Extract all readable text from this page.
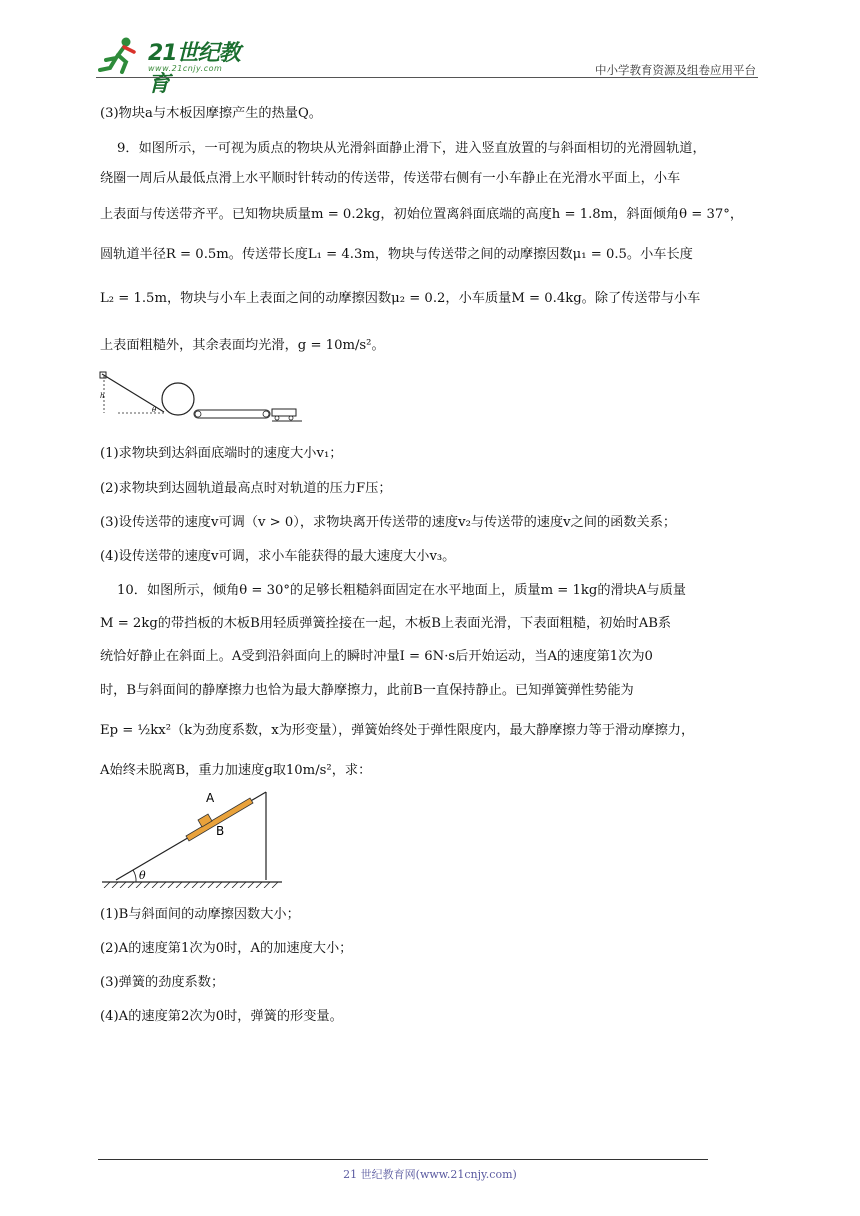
21世纪教育
www.21cnjy.com	中小学教育资源及组卷应用平台
(3)物块a与木板因摩擦产生的热量Q。
9．如图所示，一可视为质点的物块从光滑斜面静止滑下，进入竖直放置的与斜面相切的光滑圆轨道，
绕圈一周后从最低点滑上水平顺时针转动的传送带，传送带右侧有一小车静止在光滑水平面上，小车
上表面与传送带齐平。已知物块质量m = 0.2kg，初始位置离斜面底端的高度h = 1.8m，斜面倾角θ = 37°，
圆轨道半径R = 0.5m。传送带长度L₁ = 4.3m，物块与传送带之间的动摩擦因数μ₁ = 0.5。小车长度
L₂ = 1.5m，物块与小车上表面之间的动摩擦因数μ₂ = 0.2，小车质量M = 0.4kg。除了传送带与小车
上表面粗糙外，其余表面均光滑，g = 10m/s²。
h
θ
(1)求物块到达斜面底端时的速度大小v₁；
(2)求物块到达圆轨道最高点时对轨道的压力F压；
(3)设传送带的速度v可调（v > 0），求物块离开传送带的速度v₂与传送带的速度v之间的函数关系；
(4)设传送带的速度v可调，求小车能获得的最大速度大小v₃。
10．如图所示，倾角θ = 30°的足够长粗糙斜面固定在水平地面上，质量m = 1kg的滑块A与质量
M = 2kg的带挡板的木板B用轻质弹簧拴接在一起，木板B上表面光滑，下表面粗糙，初始时AB系
统恰好静止在斜面上。A受到沿斜面向上的瞬时冲量I = 6N·s后开始运动，当A的速度第1次为0
时，B与斜面间的静摩擦力也恰为最大静摩擦力，此前B一直保持静止。已知弹簧弹性势能为
Ep = ½kx²（k为劲度系数，x为形变量），弹簧始终处于弹性限度内，最大静摩擦力等于滑动摩擦力，
A始终未脱离B，重力加速度g取10m/s²，求：
θ
A
B
(1)B与斜面间的动摩擦因数大小；
(2)A的速度第1次为0时，A的加速度大小；
(3)弹簧的劲度系数；
(4)A的速度第2次为0时，弹簧的形变量。
21 世纪教育网(www.21cnjy.com)
